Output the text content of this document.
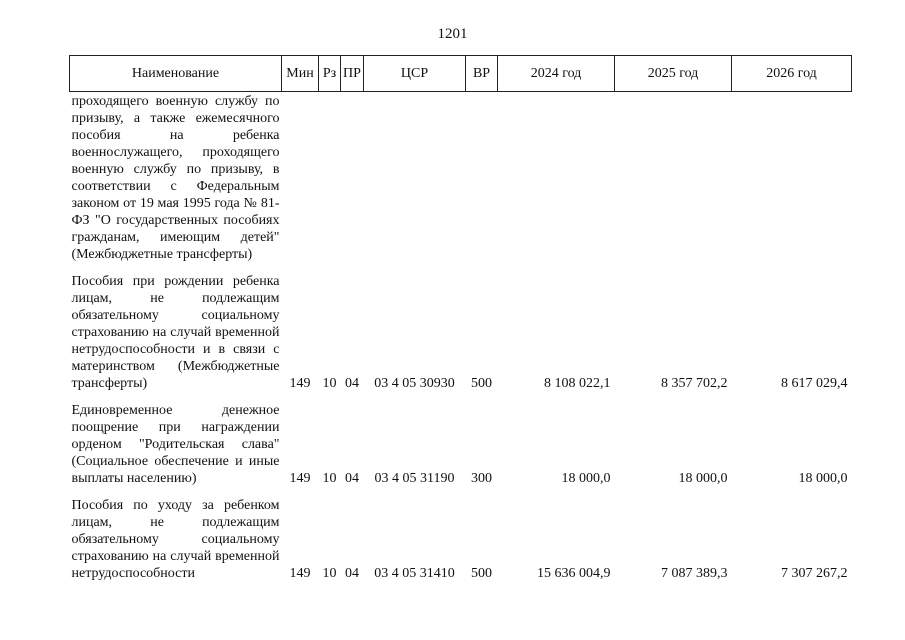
1201
Наименование	Мин	Рз	ПР	ЦСР	ВР	2024 год	2025 год	2026 год
проходящего военную службу по призыву, а также ежемесячного пособия на ребенка военнослужащего, проходящего военную службу по призыву, в соответствии с Федеральным законом от 19 мая 1995 года № 81-ФЗ "О государственных пособиях гражданам, имеющим детей" (Межбюджетные трансферты)								
Пособия при рождении ребенка лицам, не подлежащим обязательному социальному страхованию на случай временной нетрудоспособности и в связи с материнством (Межбюджетные трансферты)	149	10	04	03 4 05 30930	500	8 108 022,1	8 357 702,2	8 617 029,4
Единовременное денежное поощрение при награждении орденом "Родительская слава" (Социальное обеспечение и иные выплаты населению)	149	10	04	03 4 05 31190	300	18 000,0	18 000,0	18 000,0
Пособия по уходу за ребенком лицам, не подлежащим обязательному социальному страхованию на случай временной нетрудоспособности	149	10	04	03 4 05 31410	500	15 636 004,9	7 087 389,3	7 307 267,2
